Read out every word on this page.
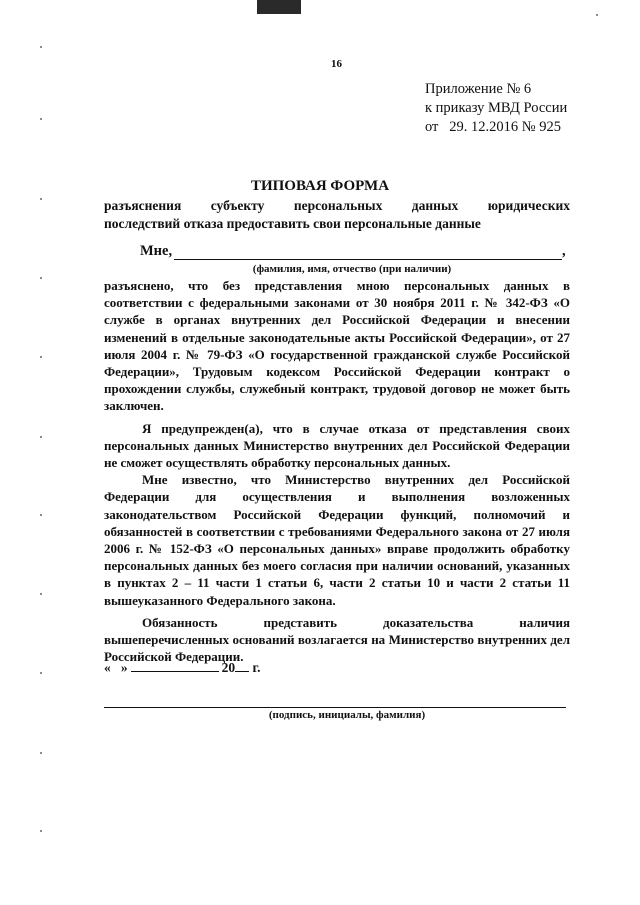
16
Приложение № 6
к приказу МВД России
от 29. 12.2016 № 925
ТИПОВАЯ ФОРМА
разъяснения субъекту персональных данных юридических
последствий отказа предоставить свои персональные данные
Мне,	,
(фамилия, имя, отчество (при наличии)

разъяснено, что без представления мною персональных данных в соответствии с федеральными законами от 30 ноября 2011 г. № 342-ФЗ «О службе в органах внутренних дел Российской Федерации и внесении изменений в отдельные законодательные акты Российской Федерации», от 27 июля 2004 г. № 79-ФЗ «О государственной гражданской службе Российской Федерации», Трудовым кодексом Российской Федерации контракт о прохождении службы, служебный контракт, трудовой договор не может быть заключен.

Я предупрежден(а), что в случае отказа от представления своих персональных данных Министерство внутренних дел Российской Федерации не сможет осуществлять обработку персональных данных.

Мне известно, что Министерство внутренних дел Российской Федерации для осуществления и выполнения возложенных законодательством Российской Федерации функций, полномочий и обязанностей в соответствии с требованиями Федерального закона от 27 июля 2006 г. № 152-ФЗ «О персональных данных» вправе продолжить обработку персональных данных без моего согласия при наличии оснований, указанных в пунктах 2 – 11 части 1 статьи 6, части 2 статьи 10 и части 2 статьи 11 вышеуказанного Федерального закона.

Обязанность представить доказательства наличия вышеперечисленных оснований возлагается на Министерство внутренних дел Российской Федерации.

« »	20 г.
(подпись, инициалы, фамилия)
